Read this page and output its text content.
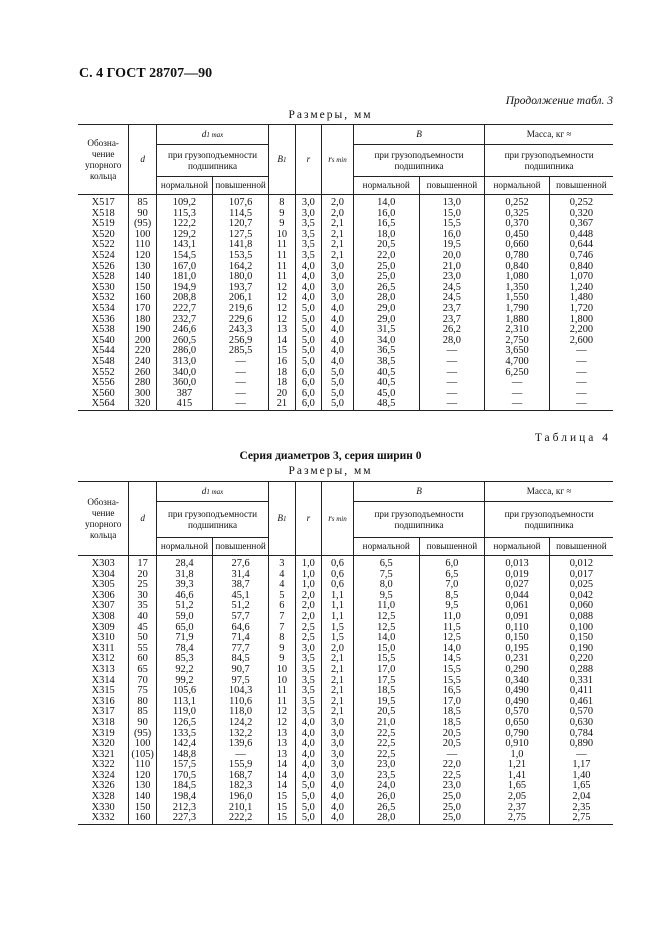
С. 4 ГОСТ 28707—90
Продолжение табл. 3
Размеры, мм
Обозна-чение упорного кольца	d	d1 max		B1	r	rs min	B		Масса, кг ≈	
		при грузоподъемности подшипника					при грузоподъемности подшипника		при грузоподъемности подшипника	
		нормальной	повышенной				нормальной	повышенной	нормальной	повышенной
Х517	85	109,2	107,6	8	3,0	2,0	14,0	13,0	0,252	0,252
Х518	90	115,3	114,5	9	3,0	2,0	16,0	15,0	0,325	0,320
Х519	(95)	122,2	120,7	9	3,5	2,1	16,5	15,5	0,370	0,367
Х520	100	129,2	127,5	10	3,5	2,1	18,0	16,0	0,450	0,448
Х522	110	143,1	141,8	11	3,5	2,1	20,5	19,5	0,660	0,644
Х524	120	154,5	153,5	11	3,5	2,1	22,0	20,0	0,780	0,746
Х526	130	167,0	164,2	11	4,0	3,0	25,0	21,0	0,840	0,840
Х528	140	181,0	180,0	11	4,0	3,0	25,0	23,0	1,080	1,070
Х530	150	194,9	193,7	12	4,0	3,0	26,5	24,5	1,350	1,240
Х532	160	208,8	206,1	12	4,0	3,0	28,0	24,5	1,550	1,480
Х534	170	222,7	219,6	12	5,0	4,0	29,0	23,7	1,790	1,720
Х536	180	232,7	229,6	12	5,0	4,0	29,0	23,7	1,880	1,800
Х538	190	246,6	243,3	13	5,0	4,0	31,5	26,2	2,310	2,200
Х540	200	260,5	256,9	14	5,0	4,0	34,0	28,0	2,750	2,600
Х544	220	286,0	285,5	15	5,0	4,0	36,5	—	3,650	—
Х548	240	313,0	—	16	5,0	4,0	38,5	—	4,700	—
Х552	260	340,0	—	18	6,0	5,0	40,5	—	6,250	—
Х556	280	360,0	—	18	6,0	5,0	40,5	—	—	—
Х560	300	387	—	20	6,0	5,0	45,0	—	—	—
Х564	320	415	—	21	6,0	5,0	48,5	—	—	—
Таблица 4
Серия диаметров 3, серия ширин 0
Размеры, мм
Обозна-чение упорного кольца	d	d1 max		B1	r	rs min	B		Масса, кг ≈	
		при грузоподъемности подшипника					при грузоподъемности подшипника		при грузоподъемности подшипника	
		нормальной	повышенной				нормальной	повышенной	нормальной	повышенной
Х303	17	28,4	27,6	3	1,0	0,6	6,5	6,0	0,013	0,012
Х304	20	31,8	31,4	4	1,0	0,6	7,5	6,5	0,019	0,017
Х305	25	39,3	38,7	4	1,0	0,6	8,0	7,0	0,027	0,025
Х306	30	46,6	45,1	5	2,0	1,1	9,5	8,5	0,044	0,042
Х307	35	51,2	51,2	6	2,0	1,1	11,0	9,5	0,061	0,060
Х308	40	59,0	57,7	7	2,0	1,1	12,5	11,0	0,091	0,088
Х309	45	65,0	64,6	7	2,5	1,5	12,5	11,5	0,110	0,100
Х310	50	71,9	71,4	8	2,5	1,5	14,0	12,5	0,150	0,150
Х311	55	78,4	77,7	9	3,0	2,0	15,0	14,0	0,195	0,190
Х312	60	85,3	84,5	9	3,5	2,1	15,5	14,5	0,231	0,220
Х313	65	92,2	90,7	10	3,5	2,1	17,0	15,5	0,290	0,288
Х314	70	99,2	97,5	10	3,5	2,1	17,5	15,5	0,340	0,331
Х315	75	105,6	104,3	11	3,5	2,1	18,5	16,5	0,490	0,411
Х316	80	113,1	110,6	11	3,5	2,1	19,5	17,0	0,490	0,461
Х317	85	119,0	118,0	12	3,5	2,1	20,5	18,5	0,570	0,570
Х318	90	126,5	124,2	12	4,0	3,0	21,0	18,5	0,650	0,630
Х319	(95)	133,5	132,2	13	4,0	3,0	22,5	20,5	0,790	0,784
Х320	100	142,4	139,6	13	4,0	3,0	22,5	20,5	0,910	0,890
Х321	(105)	148,8	—	13	4,0	3,0	22,5	—	1,0	—
Х322	110	157,5	155,9	14	4,0	3,0	23,0	22,0	1,21	1,17
Х324	120	170,5	168,7	14	4,0	3,0	23,5	22,5	1,41	1,40
Х326	130	184,5	182,3	14	5,0	4,0	24,0	23,0	1,65	1,65
Х328	140	198,4	196,0	15	5,0	4,0	26,0	25,0	2,05	2,04
Х330	150	212,3	210,1	15	5,0	4,0	26,5	25,0	2,37	2,35
Х332	160	227,3	222,2	15	5,0	4,0	28,0	25,0	2,75	2,75
